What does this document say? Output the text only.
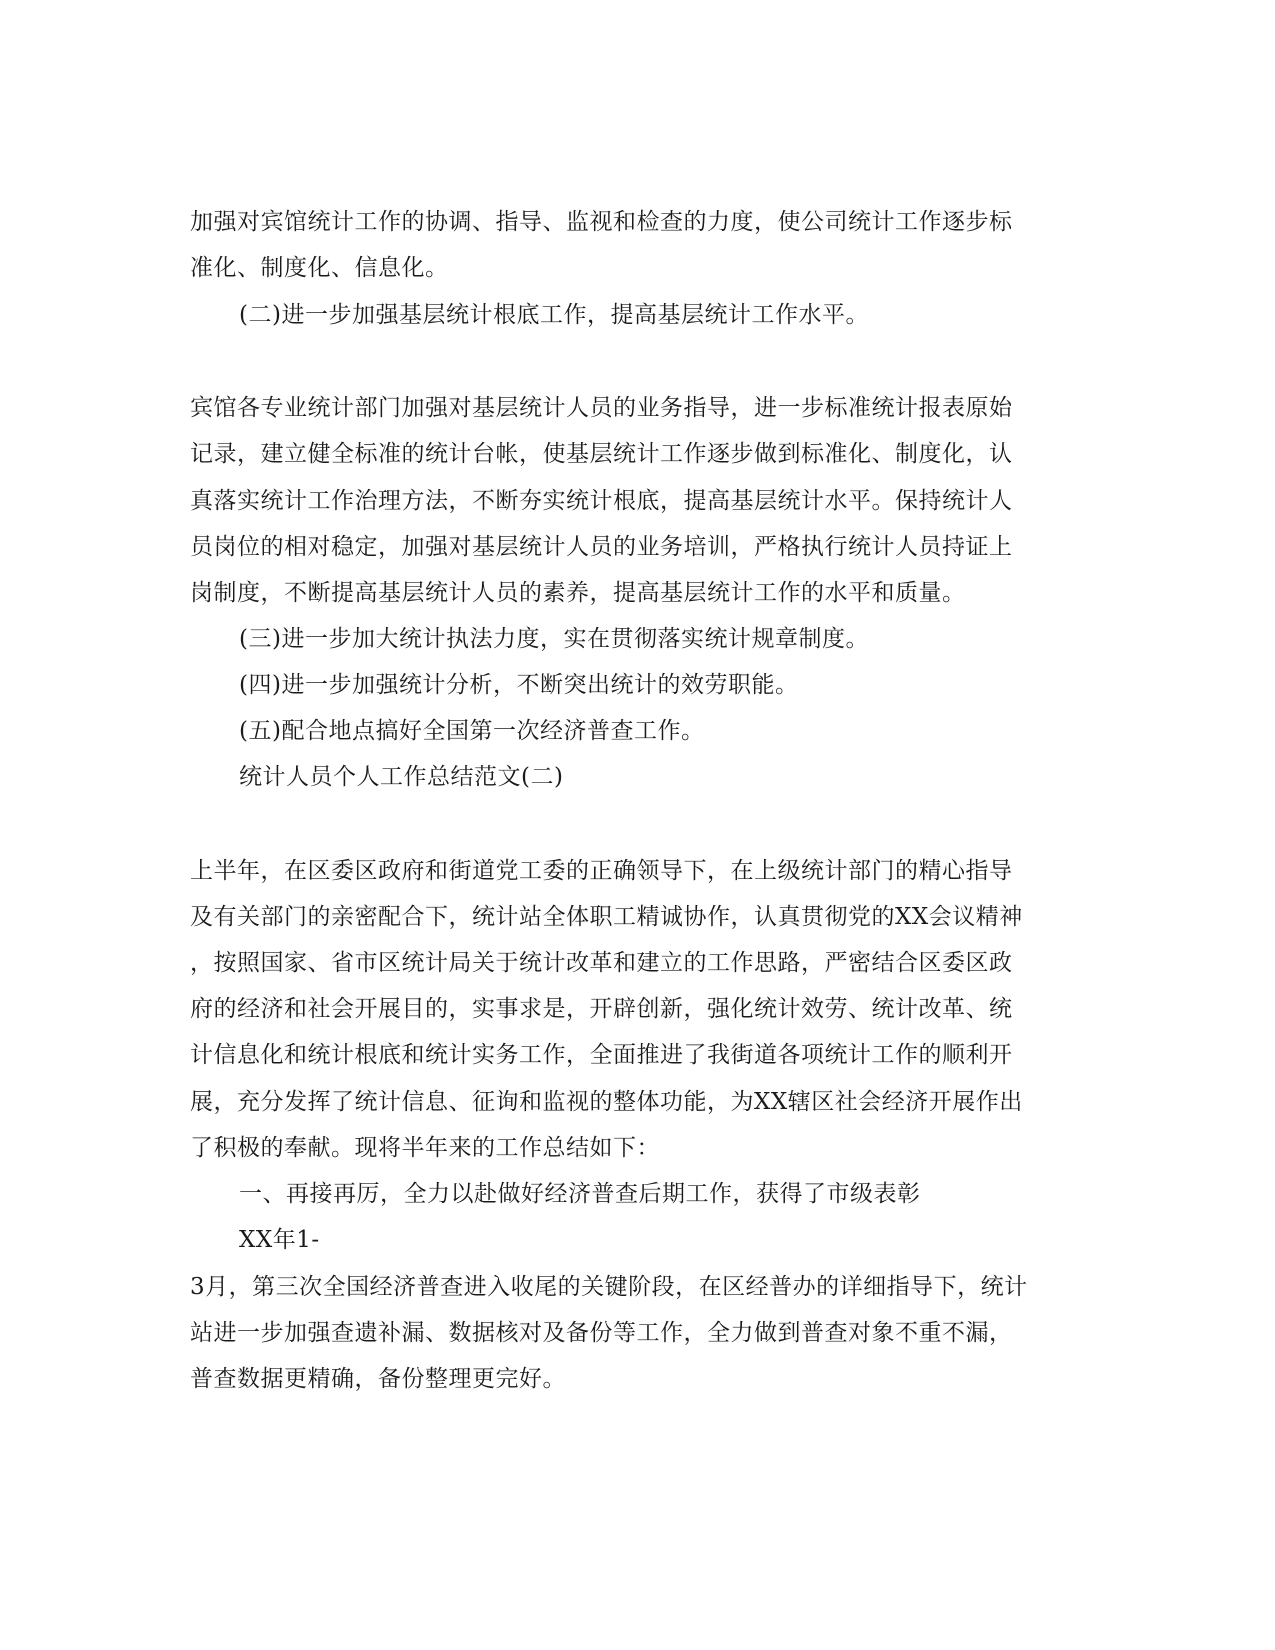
加强对宾馆统计工作的协调、指导、监视和检查的力度，使公司统计工作逐步标
准化、制度化、信息化。
(二)进一步加强基层统计根底工作，提高基层统计工作水平。
宾馆各专业统计部门加强对基层统计人员的业务指导，进一步标准统计报表原始
记录，建立健全标准的统计台帐，使基层统计工作逐步做到标准化、制度化，认
真落实统计工作治理方法，不断夯实统计根底，提高基层统计水平。保持统计人
员岗位的相对稳定，加强对基层统计人员的业务培训，严格执行统计人员持证上
岗制度，不断提高基层统计人员的素养，提高基层统计工作的水平和质量。
(三)进一步加大统计执法力度，实在贯彻落实统计规章制度。
(四)进一步加强统计分析，不断突出统计的效劳职能。
(五)配合地点搞好全国第一次经济普查工作。
统计人员个人工作总结范文(二)
上半年，在区委区政府和街道党工委的正确领导下，在上级统计部门的精心指导
及有关部门的亲密配合下，统计站全体职工精诚协作，认真贯彻党的XX会议精神
，按照国家、省市区统计局关于统计改革和建立的工作思路，严密结合区委区政
府的经济和社会开展目的，实事求是，开辟创新，强化统计效劳、统计改革、统
计信息化和统计根底和统计实务工作，全面推进了我街道各项统计工作的顺利开
展，充分发挥了统计信息、征询和监视的整体功能，为XX辖区社会经济开展作出
了积极的奉献。现将半年来的工作总结如下：
一、再接再厉，全力以赴做好经济普查后期工作，获得了市级表彰
XX年1-
3月，第三次全国经济普查进入收尾的关键阶段，在区经普办的详细指导下，统计
站进一步加强查遗补漏、数据核对及备份等工作，全力做到普查对象不重不漏，
普查数据更精确，备份整理更完好。
